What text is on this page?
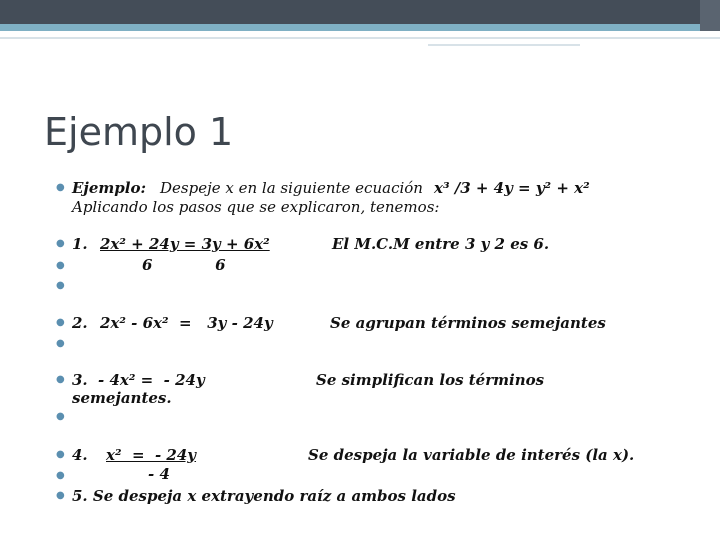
Ejemplo 1
● Ejemplo: Despeje x en la siguiente ecuación x³ /3 + 4y = y² + x²
Aplicando los pasos que se explicaron, tenemos:
●
●
●
1. 2x² + 24y = 3y + 6x²	El M.C.M entre 3 y 2 es 6.
6            6
●
●
2. 2x² - 6x²  =   3y - 24y	Se agrupan términos semejantes
●
●
3. - 4x² =  - 24y	Se simplifican los términos
semejantes.
●
●
4. x²  =  - 24y	Se despeja la variable de interés (la x).
- 4
● 5. Se despeja x extrayendo raíz a ambos lados
